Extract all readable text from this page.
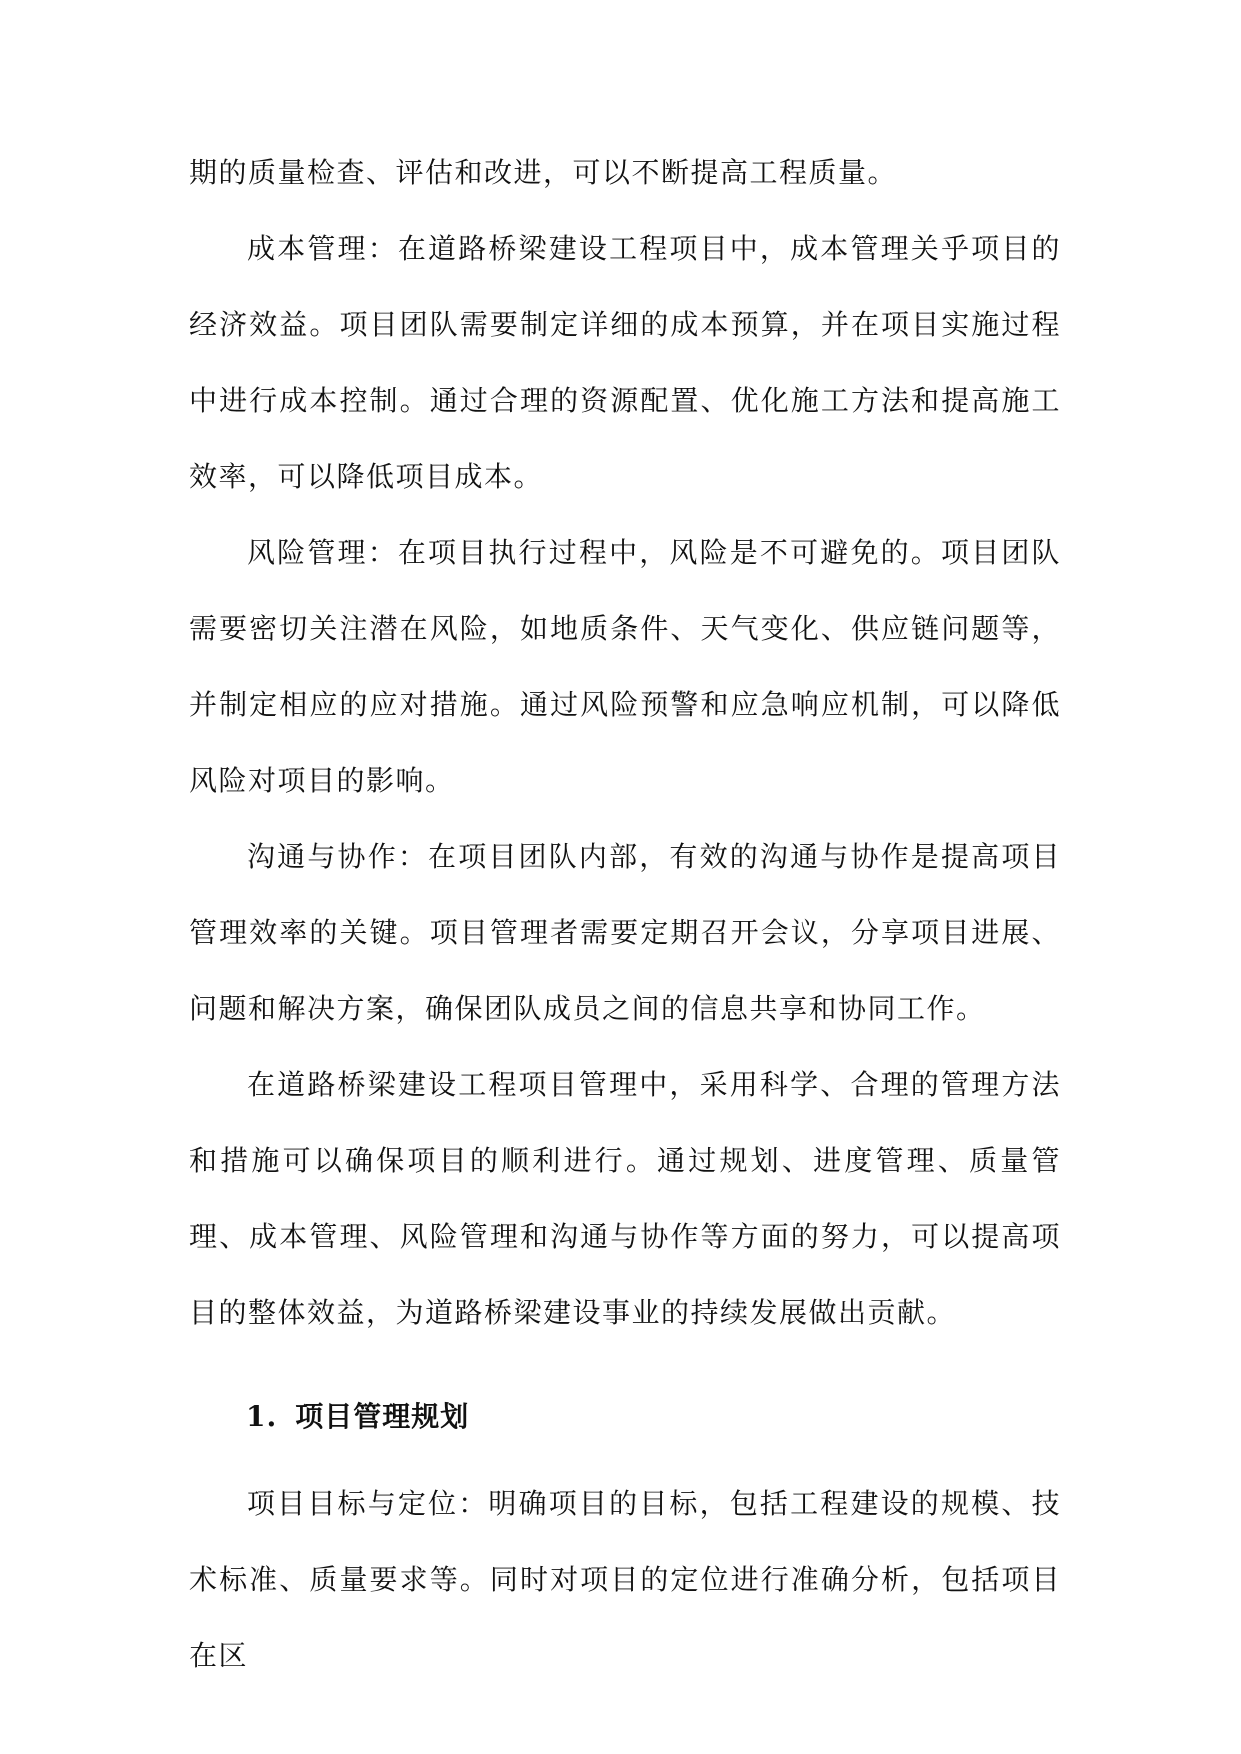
期的质量检查、评估和改进，可以不断提高工程质量。

成本管理：在道路桥梁建设工程项目中，成本管理关乎项目的经济效益。项目团队需要制定详细的成本预算，并在项目实施过程中进行成本控制。通过合理的资源配置、优化施工方法和提高施工效率，可以降低项目成本。

风险管理：在项目执行过程中，风险是不可避免的。项目团队需要密切关注潜在风险，如地质条件、天气变化、供应链问题等，并制定相应的应对措施。通过风险预警和应急响应机制，可以降低风险对项目的影响。

沟通与协作：在项目团队内部，有效的沟通与协作是提高项目管理效率的关键。项目管理者需要定期召开会议，分享项目进展、问题和解决方案，确保团队成员之间的信息共享和协同工作。

在道路桥梁建设工程项目管理中，采用科学、合理的管理方法和措施可以确保项目的顺利进行。通过规划、进度管理、质量管理、成本管理、风险管理和沟通与协作等方面的努力，可以提高项目的整体效益，为道路桥梁建设事业的持续发展做出贡献。

1. 项目管理规划

项目目标与定位：明确项目的目标，包括工程建设的规模、技术标准、质量要求等。同时对项目的定位进行准确分析，包括项目在区
